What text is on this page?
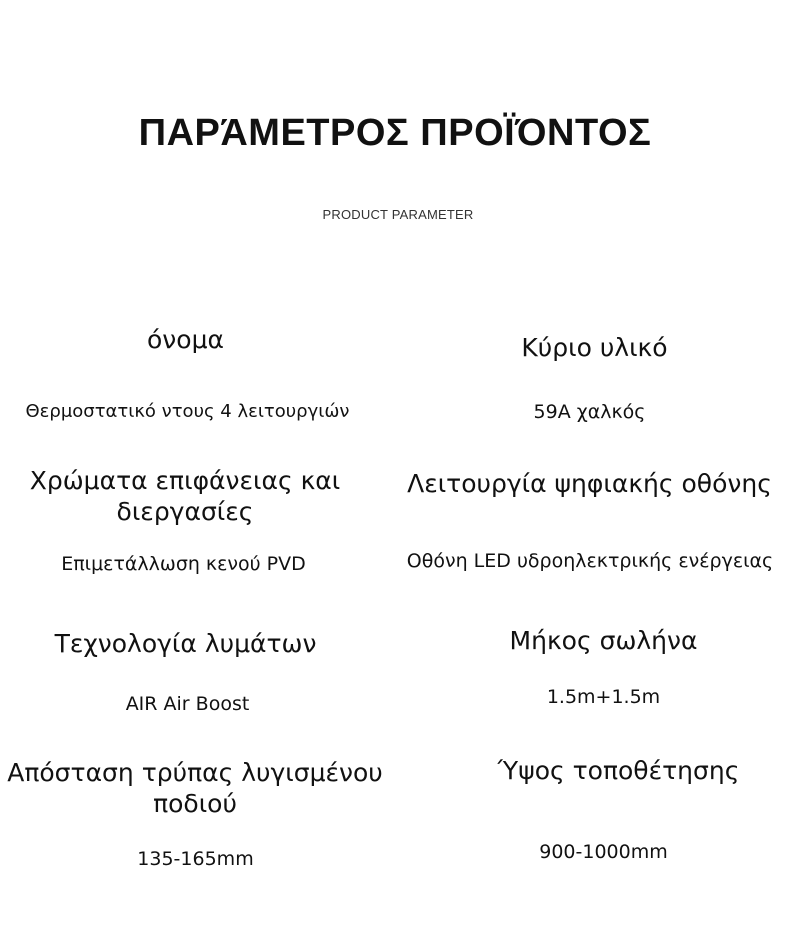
ΠΑΡΆΜΕΤΡΟΣ ΠΡΟΪΌΝΤΟΣ
PRODUCT PARAMETER
όνομα
Θερμοστατικό ντους 4 λειτουργιών
Κύριο υλικό
59A χαλκός
Χρώματα επιφάνειας και διεργασίες
Επιμετάλλωση κενού PVD
Λειτουργία ψηφιακής οθόνης
Οθόνη LED υδροηλεκτρικής ενέργειας
Τεχνολογία λυμάτων
AIR Air Boost
Μήκος σωλήνα
1.5m+1.5m
Απόσταση τρύπας λυγισμένου ποδιού
135-165mm
Ύψος τοποθέτησης
900-1000mm
